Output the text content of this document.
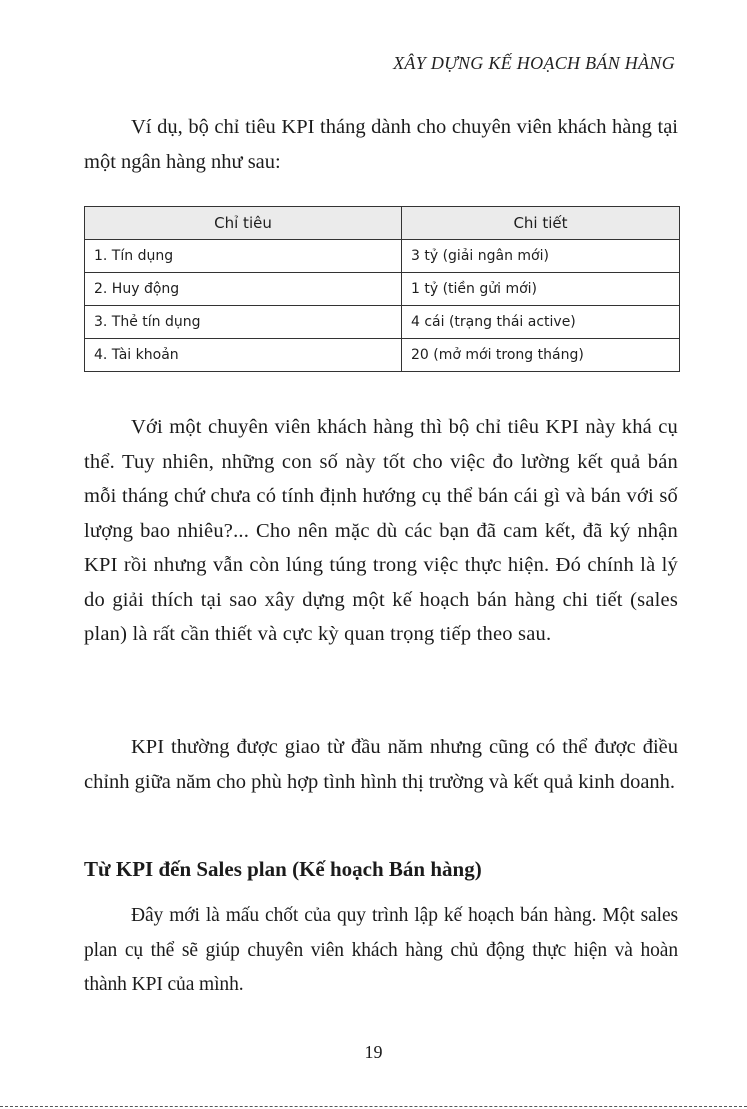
XÂY DỰNG KẾ HOẠCH BÁN HÀNG

Ví dụ, bộ chỉ tiêu KPI tháng dành cho chuyên viên khách hàng tại một ngân hàng như sau:

Chỉ tiêu	Chi tiết
1. Tín dụng	3 tỷ (giải ngân mới)
2. Huy động	1 tỷ (tiền gửi mới)
3. Thẻ tín dụng	4 cái (trạng thái active)
4. Tài khoản	20 (mở mới trong tháng)

Với một chuyên viên khách hàng thì bộ chỉ tiêu KPI này khá cụ thể. Tuy nhiên, những con số này tốt cho việc đo lường kết quả bán mỗi tháng chứ chưa có tính định hướng cụ thể bán cái gì và bán với số lượng bao nhiêu?... Cho nên mặc dù các bạn đã cam kết, đã ký nhận KPI rồi nhưng vẫn còn lúng túng trong việc thực hiện. Đó chính là lý do giải thích tại sao xây dựng một kế hoạch bán hàng chi tiết (sales plan) là rất cần thiết và cực kỳ quan trọng tiếp theo sau.

KPI thường được giao từ đầu năm nhưng cũng có thể được điều chỉnh giữa năm cho phù hợp tình hình thị trường và kết quả kinh doanh.

Từ KPI đến Sales plan (Kế hoạch Bán hàng)

Đây mới là mấu chốt của quy trình lập kế hoạch bán hàng. Một sales plan cụ thể sẽ giúp chuyên viên khách hàng chủ động thực hiện và hoàn thành KPI của mình.

19
